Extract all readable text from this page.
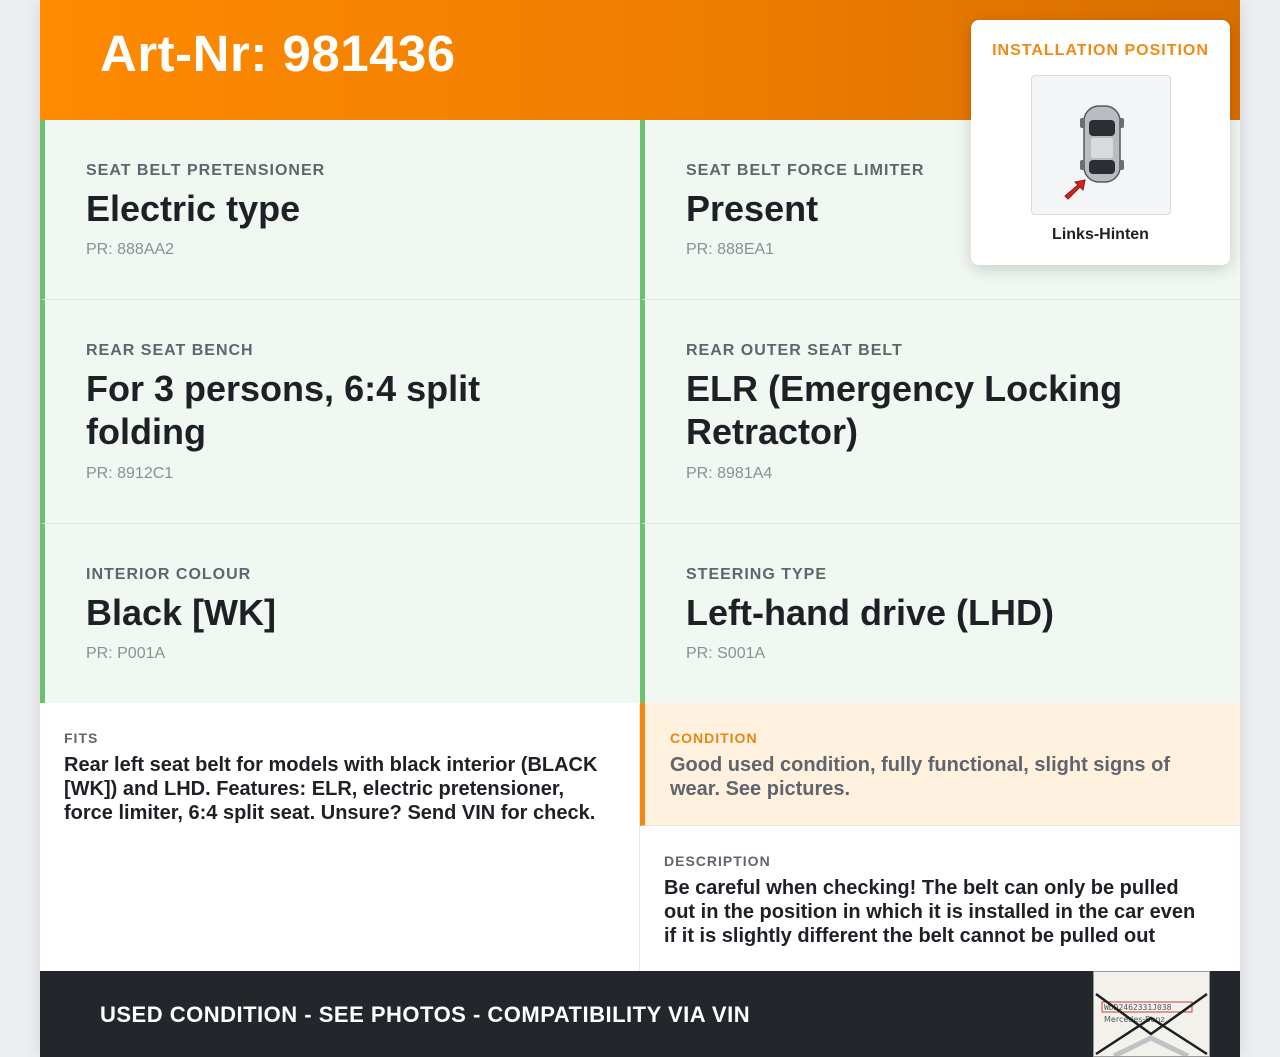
Art-Nr: 981436
SEAT BELT PRETENSIONER
Electric type
PR: 888AA2
SEAT BELT FORCE LIMITER
Present
PR: 888EA1
REAR SEAT BENCH
For 3 persons, 6:4 split folding
PR: 8912C1
REAR OUTER SEAT BELT
ELR (Emergency Locking Retractor)
PR: 8981A4
INTERIOR COLOUR
Black [WK]
PR: P001A
STEERING TYPE
Left-hand drive (LHD)
PR: S001A
INSTALLATION POSITION
Links-Hinten
FITS
Rear left seat belt for models with black interior (BLACK [WK]) and LHD. Features: ELR, electric pretensioner, force limiter, 6:4 split seat. Unsure? Send VIN for check.
CONDITION
Good used condition, fully functional, slight signs of wear. See pictures.
DESCRIPTION
Be careful when checking! The belt can only be pulled out in the position in which it is installed in the car even if it is slightly different the belt cannot be pulled out
USED CONDITION - SEE PHOTOS - COMPATIBILITY VIA VIN	WDD2462331J038
Mercedes-Benz
